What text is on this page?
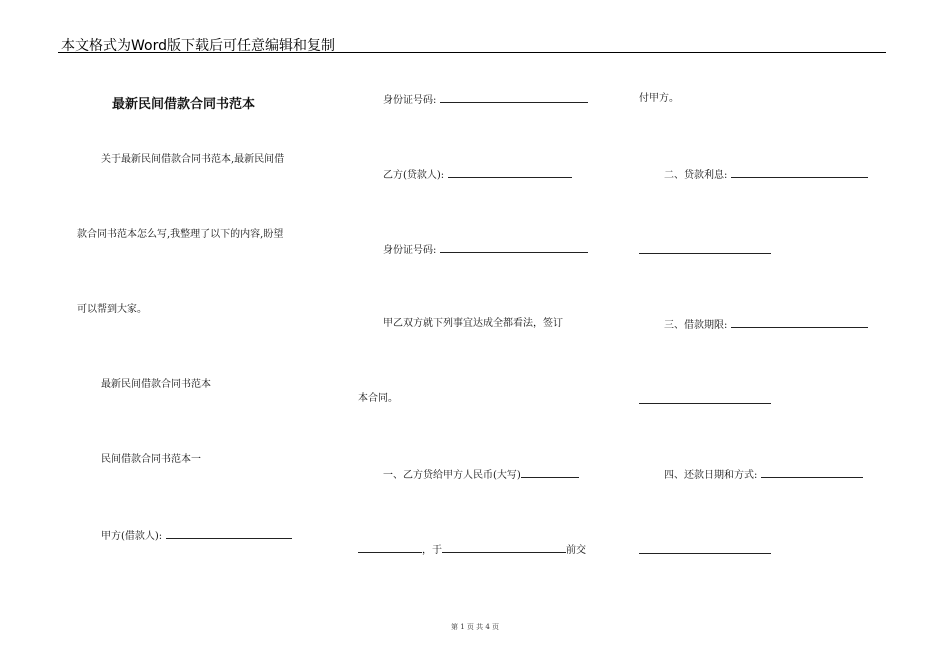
本文格式为Word版下载后可任意编辑和复制
最新民间借款合同书范本
关于最新民间借款合同书范本,最新民间借
款合同书范本怎么写,我整理了以下的内容,盼望
可以帮到大家。
最新民间借款合同书范本
民间借款合同书范本一
甲方(借款人):
身份证号码:
乙方(贷款人):
身份证号码:
甲乙双方就下列事宜达成全都看法，签订
本合同。
一、乙方贷给甲方人民币(大写)
，于	前交
付甲方。
二、贷款利息:
三、借款期限:
四、还款日期和方式:
第 1 页 共 4 页
